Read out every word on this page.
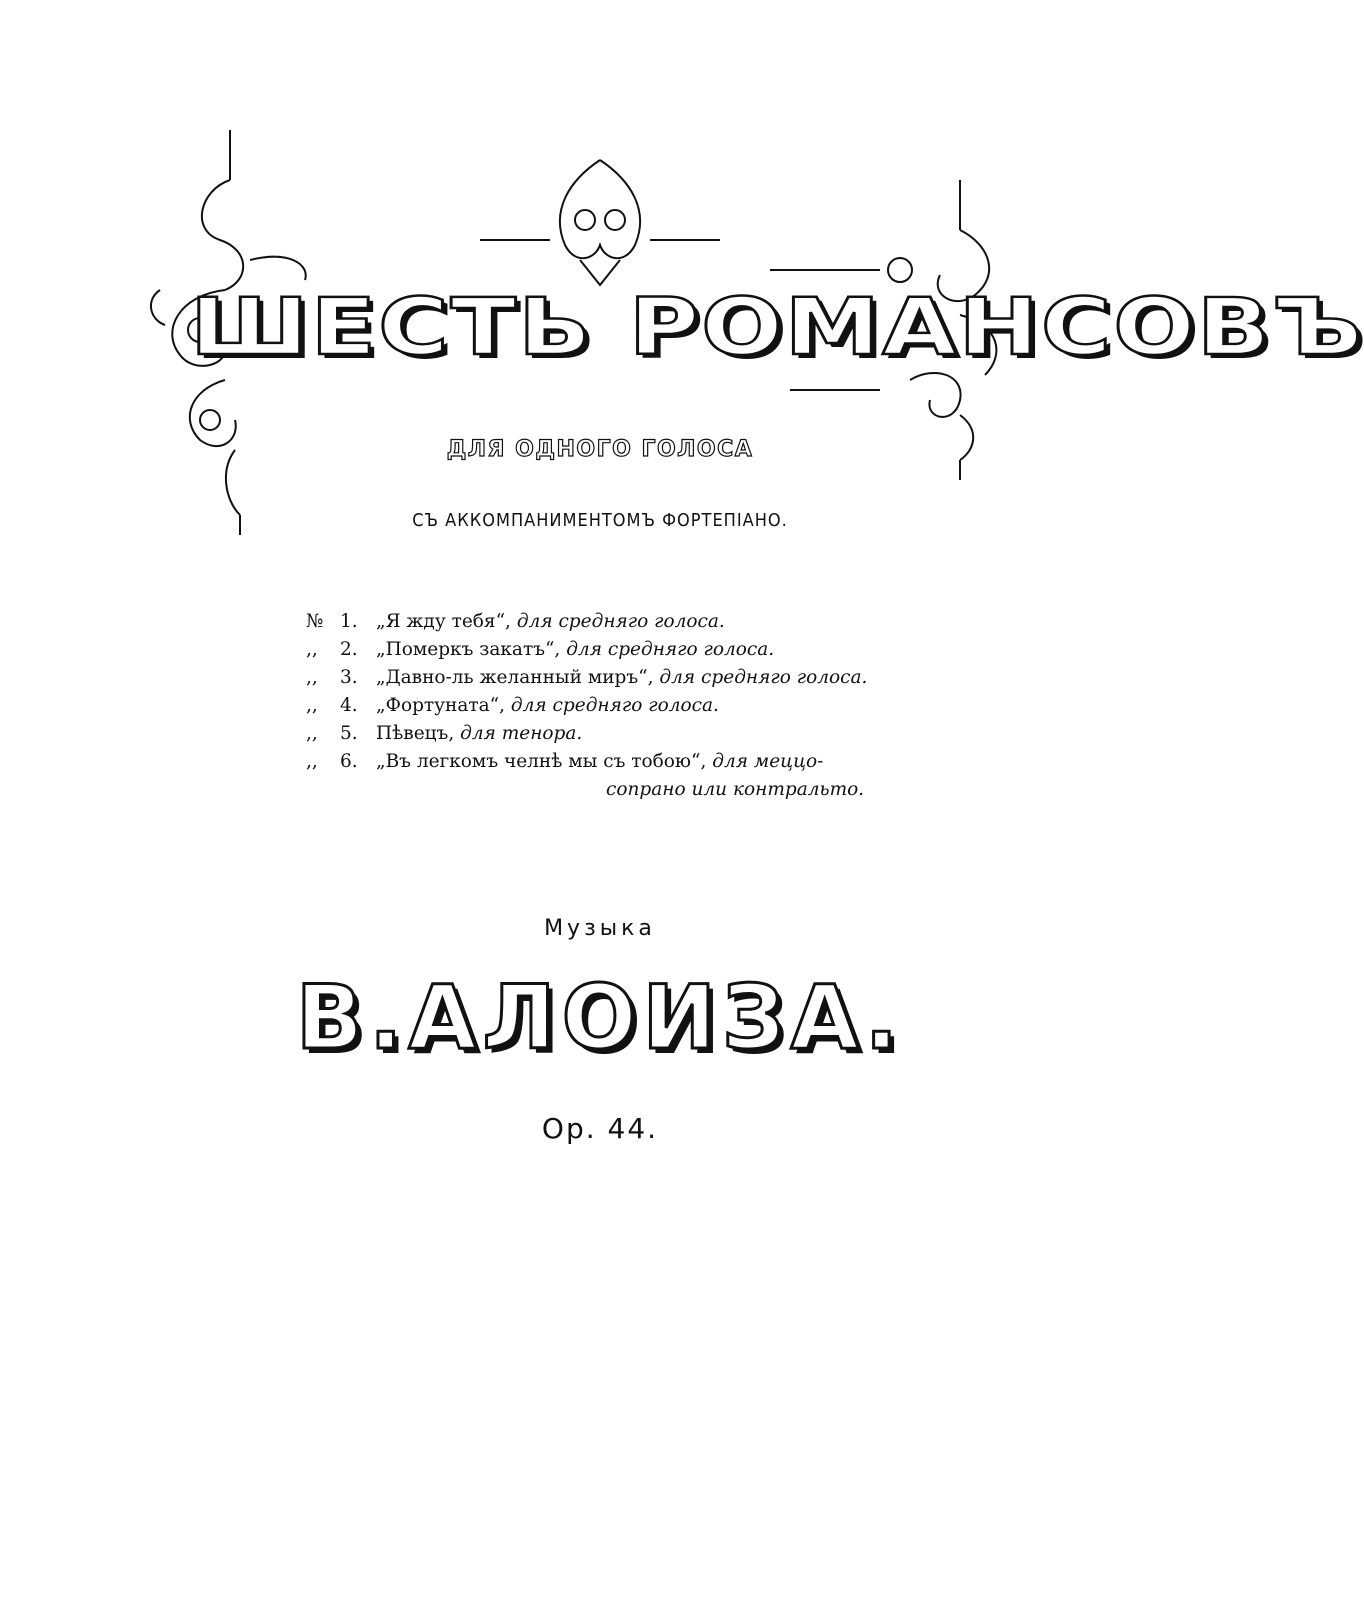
ШЕСТЬ РОМАНСОВЪ
ДЛЯ ОДНОГО ГОЛОСА
СЪ АККОМПАНИМЕНТОМЪ ФОРТЕПІАНО.
№ 1. „Я жду тебя“, для средняго голоса.
,, 2. „Померкъ закатъ“, для средняго голоса.
,, 3. „Давно-ль желанный миръ“, для средняго голоса.
,, 4. „Фортуната“, для средняго голоса.
,, 5. Пѣвецъ, для тенора.
,, 6. „Въ легкомъ челнѣ мы съ тобою“, для меццо-
сопрано или контральто.
Музыка
В.АЛОИЗА.
Op. 44.
